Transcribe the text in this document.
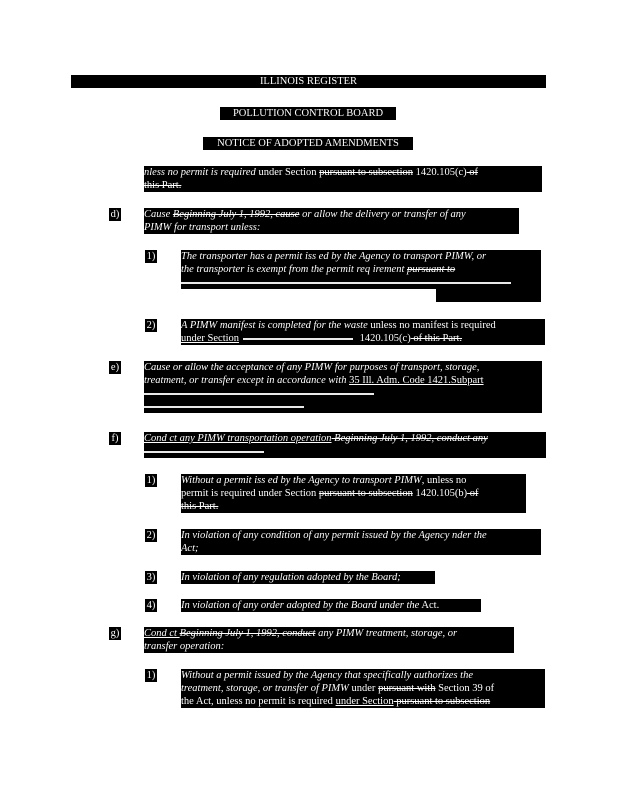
ILLINOIS REGISTER
POLLUTION CONTROL BOARD
NOTICE OF ADOPTED AMENDMENTS
nless no permit is required under Section pursuant to subsection 1420.105(c) of
this Part.
d) Cause Beginning July 1, 1992, cause or allow the delivery or transfer of any
PIMW for transport unless:
1) The transporter has a permit iss ed by the Agency to transport PIMW, or
the transporter is exempt from the permit req irement pursuant to
2) A PIMW manifest is completed for the waste unless no manifest is required
under Section	1420.105(c) of this Part.
e) Cause or allow the acceptance of any PIMW for purposes of transport, storage,
treatment, or transfer except in accordance with 35 Ill. Adm. Code 1421.Subpart
f) Cond ct any PIMW transportation operation Beginning July 1, 1992, conduct any
1) Without a permit iss ed by the Agency to transport PIMW, unless no
permit is required under Section pursuant to subsection 1420.105(b) of
this Part.
2) In violation of any condition of any permit issued by the Agency nder the
Act;
3) In violation of any regulation adopted by the Board;
4) In violation of any order adopted by the Board under the Act.
g) Cond ct Beginning July 1, 1992, conduct any PIMW treatment, storage, or
transfer operation:
1) Without a permit issued by the Agency that specifically authorizes the
treatment, storage, or transfer of PIMW under pursuant with Section 39 of
the Act, unless no permit is required under Section pursuant to subsection
